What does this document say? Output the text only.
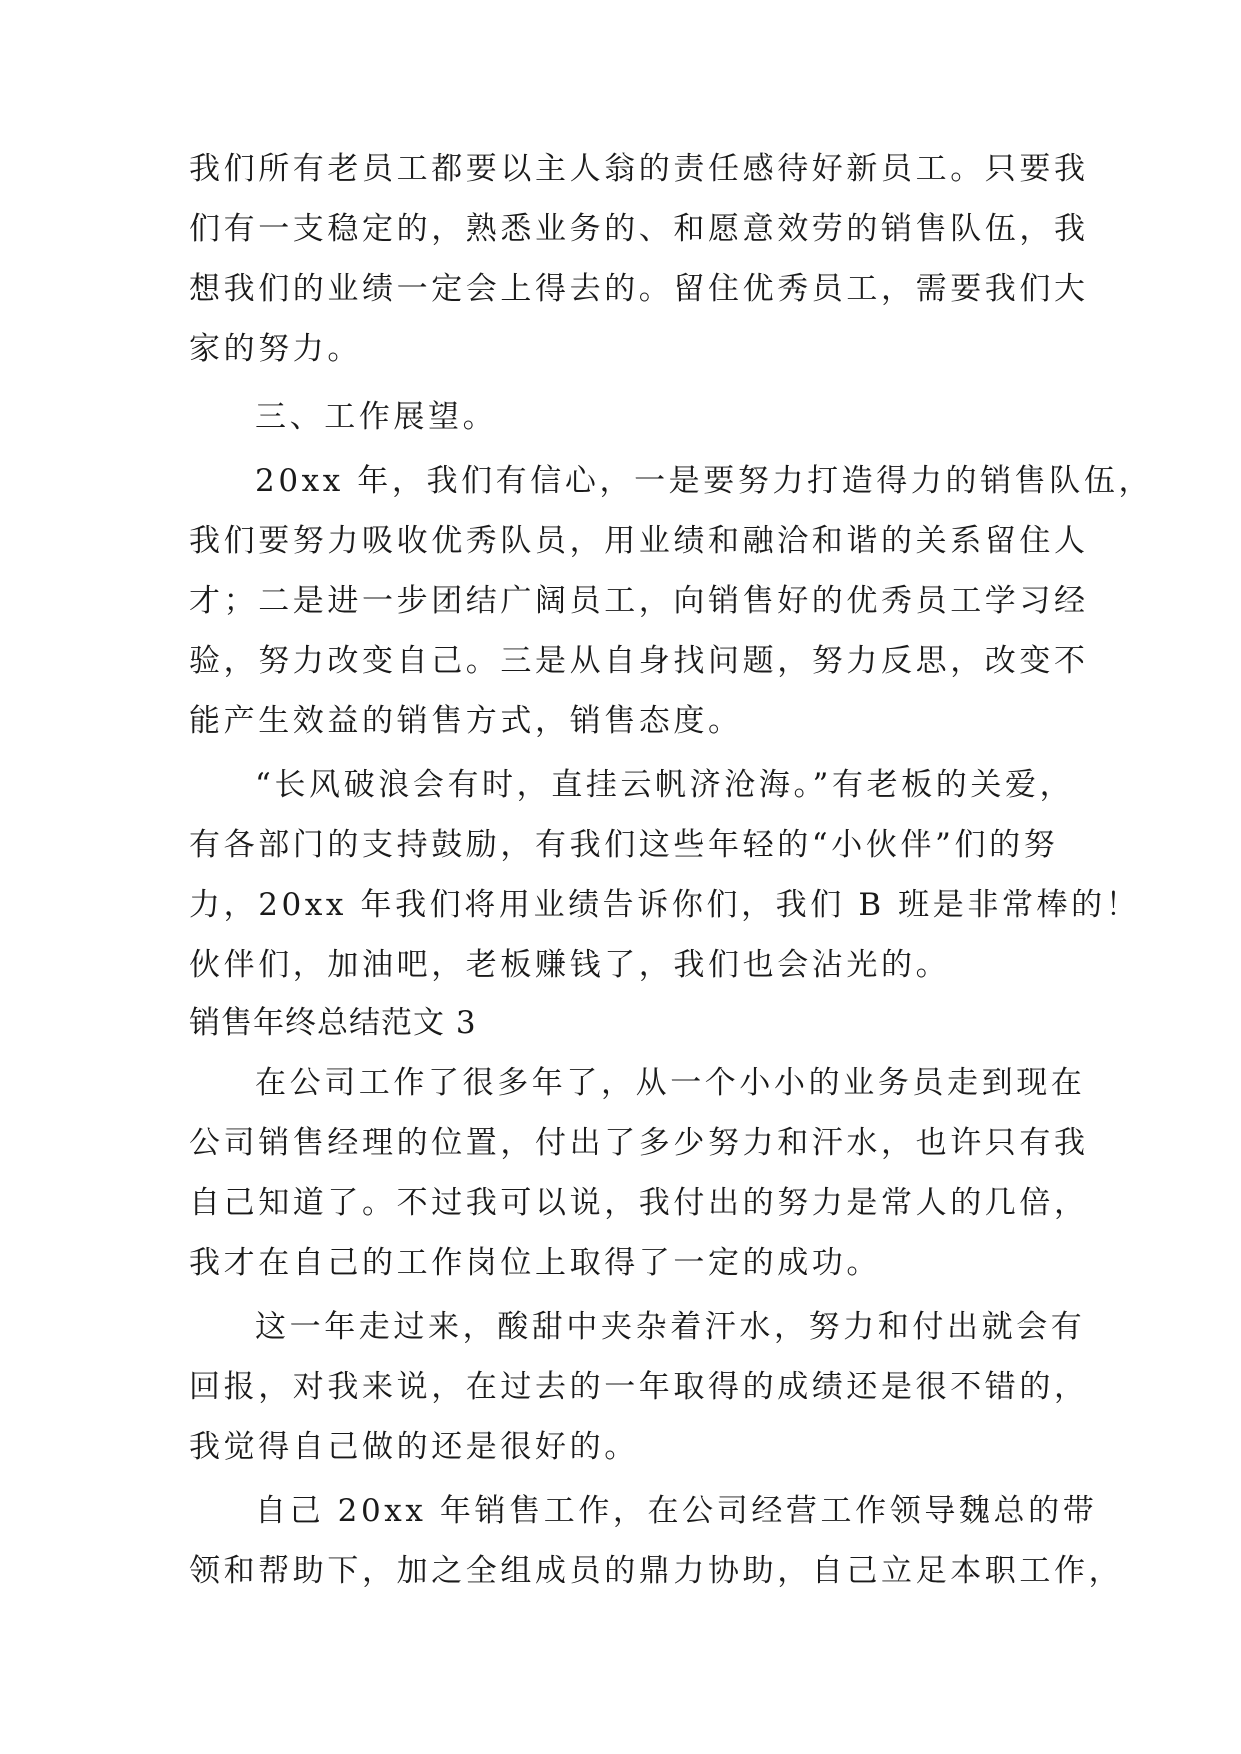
我们所有老员工都要以主人翁的责任感待好新员工。只要我
们有一支稳定的，熟悉业务的、和愿意效劳的销售队伍，我
想我们的业绩一定会上得去的。留住优秀员工，需要我们大
家的努力。
三、工作展望。
20xx 年，我们有信心，一是要努力打造得力的销售队伍，
我们要努力吸收优秀队员，用业绩和融洽和谐的关系留住人
才；二是进一步团结广阔员工，向销售好的优秀员工学习经
验，努力改变自己。三是从自身找问题，努力反思，改变不
能产生效益的销售方式，销售态度。
“长风破浪会有时，直挂云帆济沧海。”有老板的关爱，
有各部门的支持鼓励，有我们这些年轻的“小伙伴”们的努
力，20xx 年我们将用业绩告诉你们，我们 B 班是非常棒的！
伙伴们，加油吧，老板赚钱了，我们也会沾光的。
销售年终总结范文 3
在公司工作了很多年了，从一个小小的业务员走到现在
公司销售经理的位置，付出了多少努力和汗水，也许只有我
自己知道了。不过我可以说，我付出的努力是常人的几倍，
我才在自己的工作岗位上取得了一定的成功。
这一年走过来，酸甜中夹杂着汗水，努力和付出就会有
回报，对我来说，在过去的一年取得的成绩还是很不错的，
我觉得自己做的还是很好的。
自己 20xx 年销售工作，在公司经营工作领导魏总的带
领和帮助下，加之全组成员的鼎力协助，自己立足本职工作，
